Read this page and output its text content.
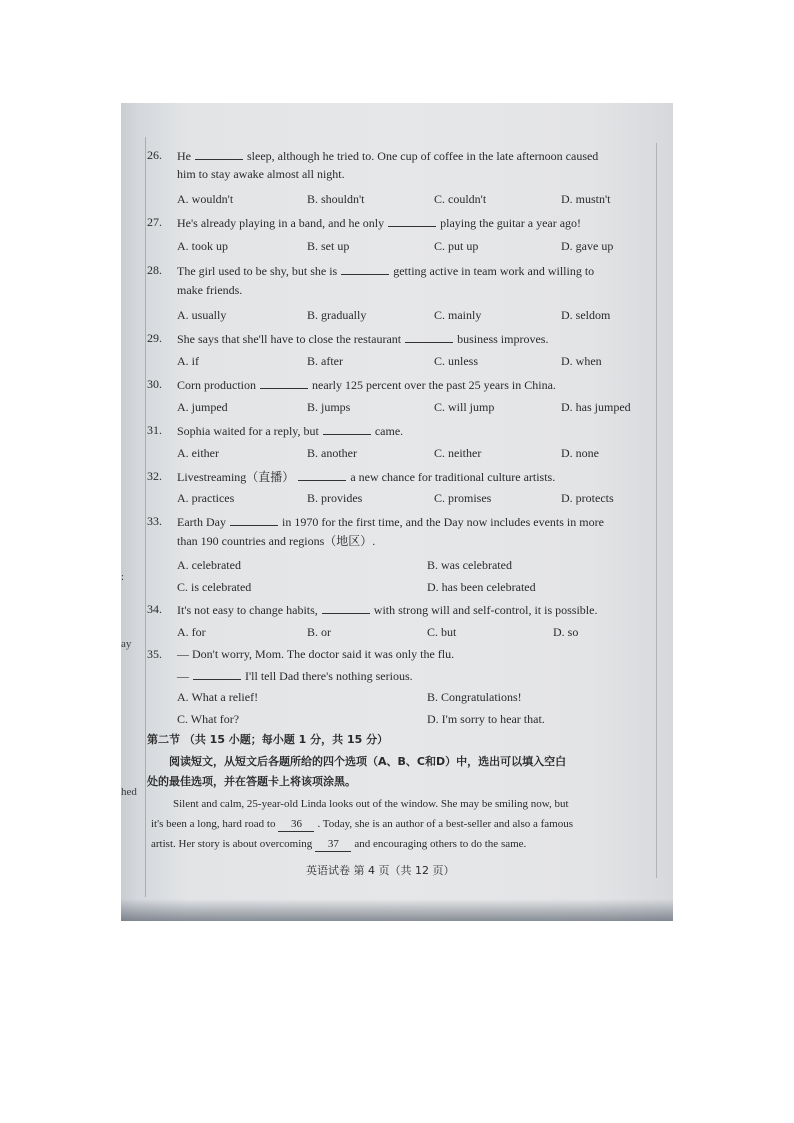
:
ay
hed
26. He	sleep, although he tried to. One cup of coffee in the late afternoon caused
him to stay awake almost all night.
A. wouldn't	B. shouldn't	C. couldn't	D. mustn't
27. He's already playing in a band, and he only	playing the guitar a year ago!
A. took up	B. set up	C. put up	D. gave up
28. The girl used to be shy, but she is	getting active in team work and willing to
make friends.
A. usually	B. gradually	C. mainly	D. seldom
29. She says that she'll have to close the restaurant	business improves.
A. if	B. after	C. unless	D. when
30. Corn production	nearly 125 percent over the past 25 years in China.
A. jumped	B. jumps	C. will jump	D. has jumped
31. Sophia waited for a reply, but	came.
A. either	B. another	C. neither	D. none
32. Livestreaming（直播）	a new chance for traditional culture artists.
A. practices	B. provides	C. promises	D. protects
33. Earth Day	in 1970 for the first time, and the Day now includes events in more
than 190 countries and regions（地区）.
A. celebrated	B. was celebrated
C. is celebrated	D. has been celebrated
34. It's not easy to change habits,	with strong will and self-control, it is possible.
A. for	B. or	C. but	D. so
35. — Don't worry, Mom. The doctor said it was only the flu.
—	I'll tell Dad there's nothing serious.
A. What a relief!	B. Congratulations!
C. What for?	D. I'm sorry to hear that.
第二节 （共 15 小题；每小题 1 分，共 15 分）
阅读短文，从短文后各题所给的四个选项（A、B、C和D）中，选出可以填入空白
处的最佳选项，并在答题卡上将该项涂黑。
Silent and calm, 25-year-old Linda looks out of the window. She may be smiling now, but
it's been a long, hard road to 36 . Today, she is an author of a best-seller and also a famous
artist. Her story is about overcoming 37 and encouraging others to do the same.
英语试卷 第 4 页（共 12 页）
